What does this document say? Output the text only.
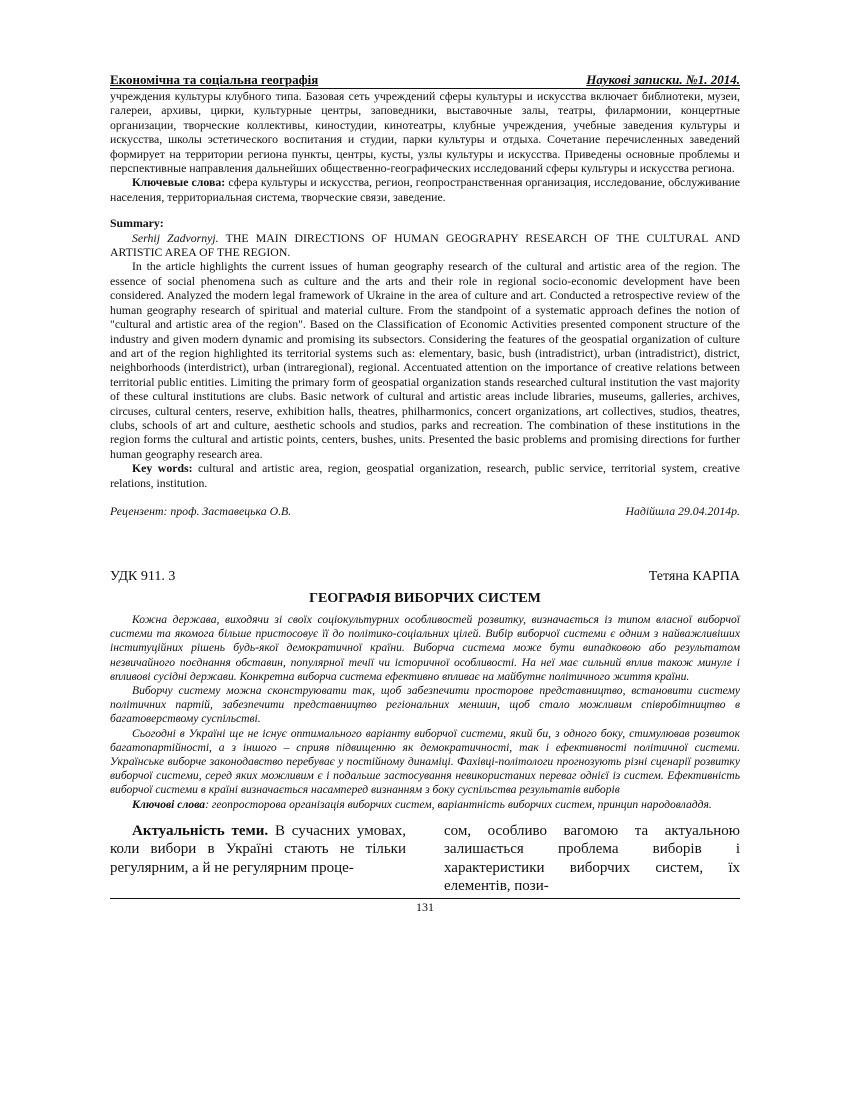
Економічна та соціальна географія	Наукові записки. №1. 2014.

учреждения культуры клубного типа. Базовая сеть учреждений сферы культуры и искусства включает библиотеки, музеи, галереи, архивы, цирки, культурные центры, заповедники, выставочные залы, театры, филармонии, концертные организации, творческие коллективы, киностудии, кинотеатры, клубные учреждения, учебные заведения культуры и искусства, школы эстетического воспитания и студии, парки культуры и отдыха. Сочетание перечисленных заведений формирует на территории региона пункты, центры, кусты, узлы культуры и искусства. Приведены основные проблемы и перспективные направления дальнейших общественно-географических исследований сферы культуры и искусства региона.

Ключевые слова: сфера культуры и искусства, регион, геопространственная организация, исследование, обслуживание населения, территориальная система, творческие связи, заведение.

Summary:

Serhij Zadvornyj. THE MAIN DIRECTIONS OF HUMAN GEOGRAPHY RESEARCH OF THE CULTURAL AND ARTISTIC AREA OF THE REGION.

In the article highlights the current issues of human geography research of the cultural and artistic area of the region. The essence of social phenomena such as culture and the arts and their role in regional socio-economic development have been considered. Analyzed the modern legal framework of Ukraine in the area of culture and art. Conducted a retrospective review of the human geography research of spiritual and material culture. From the standpoint of a systematic approach defines the notion of "cultural and artistic area of the region". Based on the Classification of Economic Activities presented component structure of the industry and given modern dynamic and promising its subsectors. Considering the features of the geospatial organization of culture and art of the region highlighted its territorial systems such as: elementary, basic, bush (intradistrict), urban (intradistrict), district, neighborhoods (interdistrict), urban (intraregional), regional. Accentuated attention on the importance of creative relations between territorial public entities. Limiting the primary form of geospatial organization stands researched cultural institution the vast majority of these cultural institutions are clubs. Basic network of cultural and artistic areas include libraries, museums, galleries, archives, circuses, cultural centers, reserve, exhibition halls, theatres, philharmonics, concert organizations, art collectives, studios, theatres, clubs, schools of art and culture, aesthetic schools and studios, parks and recreation. The combination of these institutions in the region forms the cultural and artistic points, centers, bushes, units. Presented the basic problems and promising directions for further human geography research area.

Key words: cultural and artistic area, region, geospatial organization, research, public service, territorial system, creative relations, institution.

Рецензент: проф. Заставецька О.В.	Надійшла 29.04.2014р.
УДК 911. 3	Тетяна КАРПА
ГЕОГРАФІЯ ВИБОРЧИХ СИСТЕМ

Кожна держава, виходячи зі своїх соціокультурних особливостей розвитку, визначається із типом власної виборчої системи та якомога більше пристосовує її до політико-соціальних цілей. Вибір виборчої системи є одним з найважливіших інституційних рішень будь-якої демократичної країни. Виборча система може бути випадковою або результатом незвичайного поєднання обставин, популярної течії чи історичної особливості. На неї має сильний вплив також минуле і впливові сусідні держави. Конкретна виборча система ефективно впливає на майбутнє політичного життя країни.

Виборчу систему можна сконструювати так, щоб забезпечити просторове представництво, встановити систему політичних партій, забезпечити представництво регіональних меншин, щоб стало можливим співробітництво в багатоверствому суспільстві.

Сьогодні в Україні ще не існує оптимального варіанту виборчої системи, який би, з одного боку, стимулював розвиток багатопартійності, а з іншого – сприяв підвищенню як демократичності, так і ефективності політичної системи. Українське виборче законодавство перебуває у постійному динаміці. Фахівці-політологи прогнозують різні сценарії розвитку виборчої системи, серед яких можливим є і подальше застосування невикористаних переваг однієї із систем. Ефективність виборчої системи в країні визначається насамперед визнанням з боку суспільства результатів виборів

Ключові слова: геопросторова організація виборчих систем, варіантність виборчих систем, принцип народовладдя.

Актуальність теми. В сучасних умовах, коли вибори в Україні стають не тільки регулярним, а й не регулярним проце-

сом, особливо вагомою та актуальною залишається проблема виборів і характеристики виборчих систем, їх елементів, пози-

131
